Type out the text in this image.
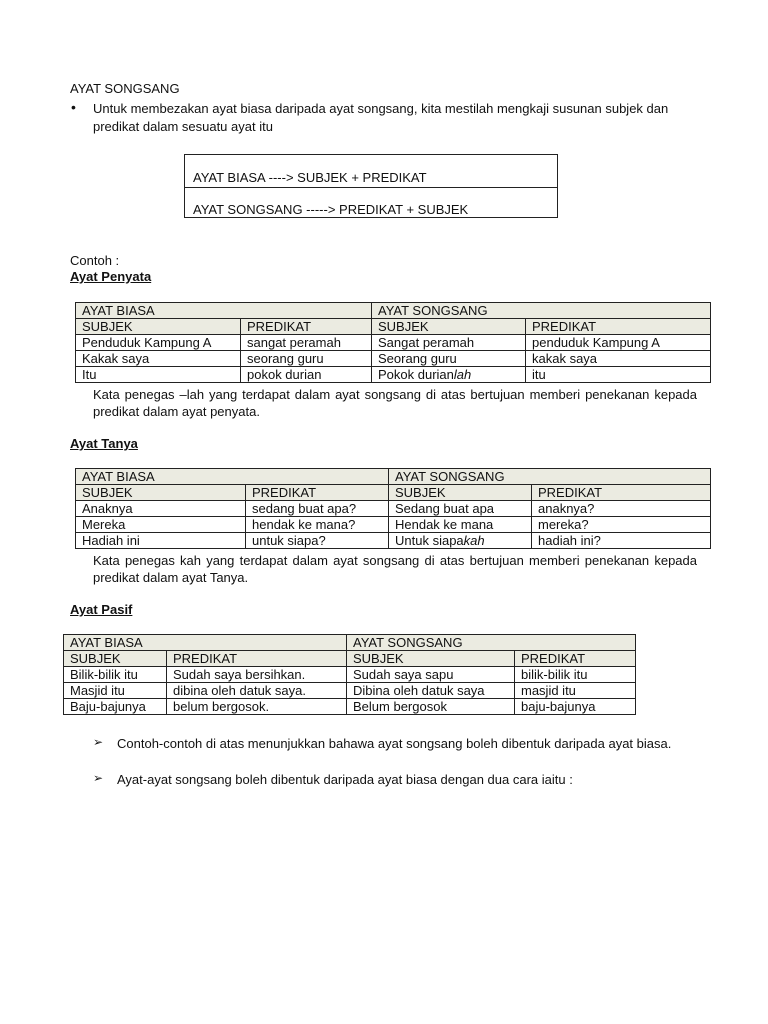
AYAT SONGSANG
• Untuk membezakan ayat biasa daripada ayat songsang, kita mestilah mengkaji susunan subjek dan predikat dalam sesuatu ayat itu
AYAT BIASA ----> SUBJEK + PREDIKAT
AYAT SONGSANG -----> PREDIKAT + SUBJEK
Contoh :
Ayat Penyata
AYAT BIASA		AYAT SONGSANG	
SUBJEK	PREDIKAT	SUBJEK	PREDIKAT
Penduduk Kampung A	sangat peramah	Sangat peramah	penduduk Kampung A
Kakak saya	seorang guru	Seorang guru	kakak saya
Itu	pokok durian	Pokok durianlah	itu
Kata penegas –lah yang terdapat dalam ayat songsang di atas bertujuan memberi penekanan kepada predikat dalam ayat penyata.
Ayat Tanya
AYAT BIASA		AYAT SONGSANG	
SUBJEK	PREDIKAT	SUBJEK	PREDIKAT
Anaknya	sedang buat apa?	Sedang buat apa	anaknya?
Mereka	hendak ke mana?	Hendak ke mana	mereka?
Hadiah ini	untuk siapa?	Untuk siapakah	hadiah ini?
Kata penegas kah yang terdapat dalam ayat songsang di atas bertujuan memberi penekanan kepada predikat dalam ayat Tanya.
Ayat Pasif
AYAT BIASA		AYAT SONGSANG	
SUBJEK	PREDIKAT	SUBJEK	PREDIKAT
Bilik-bilik itu	Sudah saya bersihkan.	Sudah saya sapu	bilik-bilik itu
Masjid itu	dibina oleh datuk saya.	Dibina oleh datuk saya	masjid itu
Baju-bajunya	belum bergosok.	Belum bergosok	baju-bajunya
➢ Contoh-contoh di atas menunjukkan bahawa ayat songsang boleh dibentuk daripada ayat biasa.
➢ Ayat-ayat songsang boleh dibentuk daripada ayat biasa dengan dua cara iaitu :
